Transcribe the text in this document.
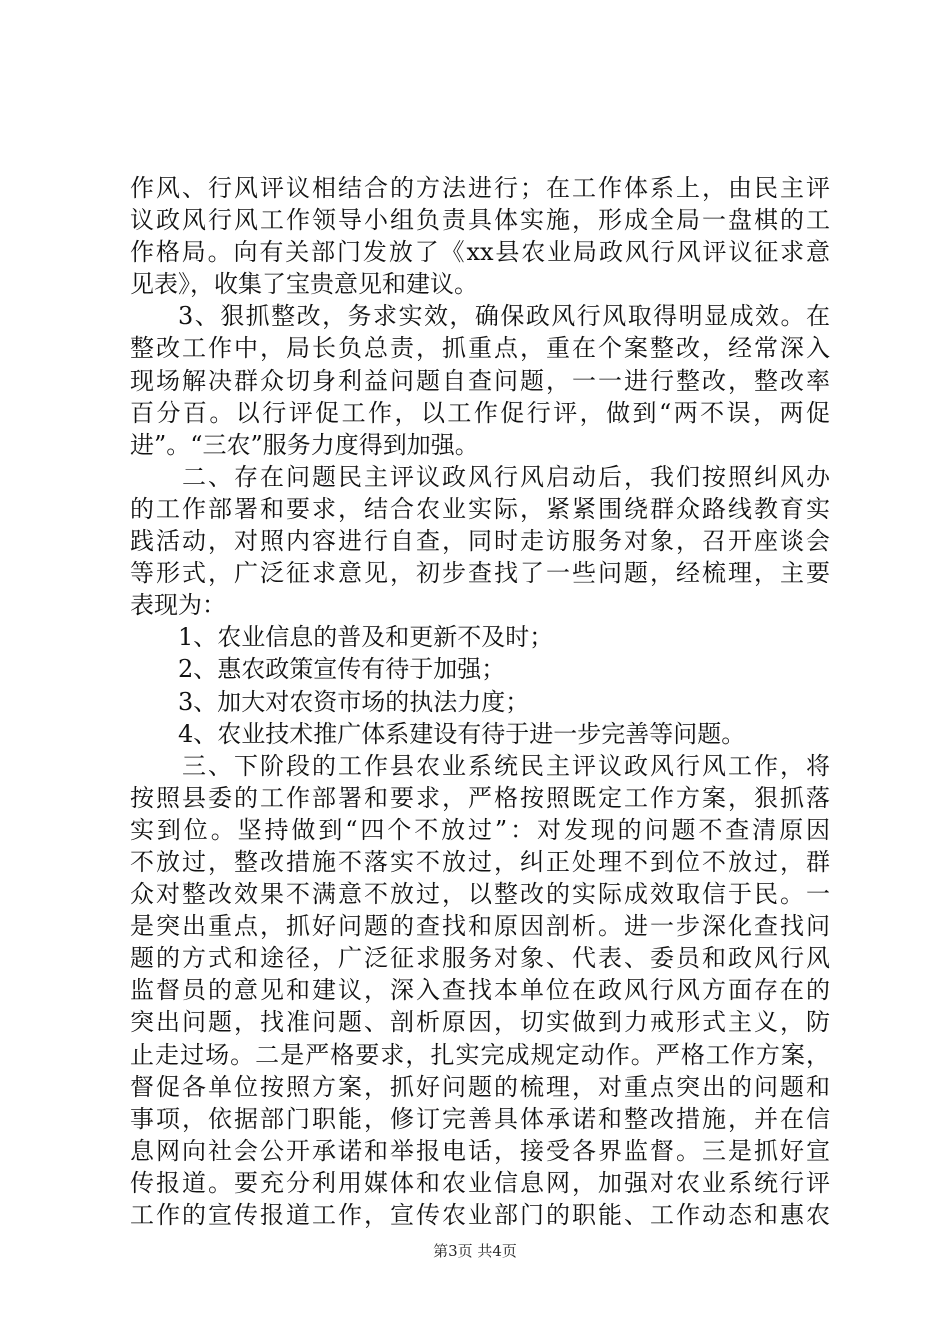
作风、行风评议相结合的方法进行；在工作体系上，由民主评
议政风行风工作领导小组负责具体实施，形成全局一盘棋的工
作格局。向有关部门发放了《xx县农业局政风行风评议征求意
见表》，收集了宝贵意见和建议。
3、狠抓整改，务求实效，确保政风行风取得明显成效。在
整改工作中，局长负总责，抓重点，重在个案整改，经常深入
现场解决群众切身利益问题自查问题，一一进行整改，整改率
百分百。以行评促工作，以工作促行评，做到“两不误，两促
进”。“三农”服务力度得到加强。
二、存在问题民主评议政风行风启动后，我们按照纠风办
的工作部署和要求，结合农业实际，紧紧围绕群众路线教育实
践活动，对照内容进行自查，同时走访服务对象，召开座谈会
等形式，广泛征求意见，初步查找了一些问题，经梳理，主要
表现为：
1、农业信息的普及和更新不及时；
2、惠农政策宣传有待于加强；
3、加大对农资市场的执法力度；
4、农业技术推广体系建设有待于进一步完善等问题。
三、下阶段的工作县农业系统民主评议政风行风工作，将
按照县委的工作部署和要求，严格按照既定工作方案，狠抓落
实到位。坚持做到“四个不放过”：对发现的问题不查清原因
不放过，整改措施不落实不放过，纠正处理不到位不放过，群
众对整改效果不满意不放过，以整改的实际成效取信于民。一
是突出重点，抓好问题的查找和原因剖析。进一步深化查找问
题的方式和途径，广泛征求服务对象、代表、委员和政风行风
监督员的意见和建议，深入查找本单位在政风行风方面存在的
突出问题，找准问题、剖析原因，切实做到力戒形式主义，防
止走过场。二是严格要求，扎实完成规定动作。严格工作方案，
督促各单位按照方案，抓好问题的梳理，对重点突出的问题和
事项，依据部门职能，修订完善具体承诺和整改措施，并在信
息网向社会公开承诺和举报电话，接受各界监督。三是抓好宣
传报道。要充分利用媒体和农业信息网，加强对农业系统行评
工作的宣传报道工作，宣传农业部门的职能、工作动态和惠农
第3页 共4页
